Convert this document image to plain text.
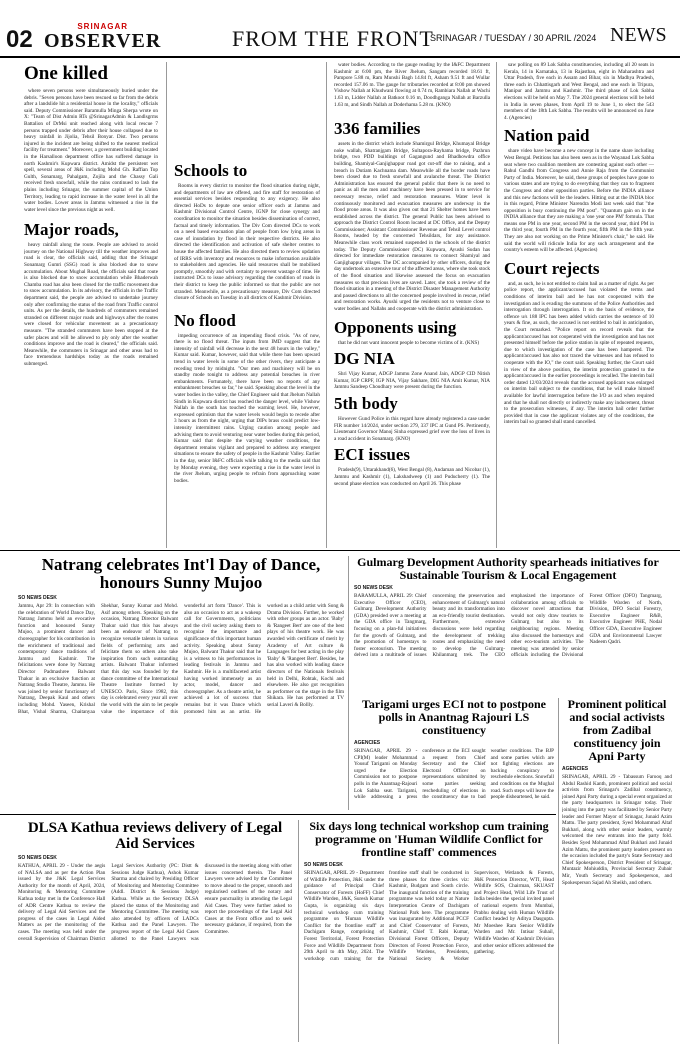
02	SRINAGAR
OBSERVER	FROM THE FRONT
SRINAGAR / TUESDAY / 30 APRIL /2024 NEWS
One killed

where seven persons were simultaneously buried under the debris. "Seven persons have been rescued so far from the debris after a landslide hit a residential house in the locality," officials said. Deputy Commissioner Baramulla Minga Sherpa wrote on X: "Team of Dist Admin RTs @SrinagarAdmin & Landlsgrms Battalion of DrMsi unit reached along with local rescue 7 persons trapped under debris after their house collapsed due to heavy rainfall in Jijolia, Tehsil Bonyar. Dist. Two persons injured in the incident are being shifted to the nearest medical facility for treatment." Moreover, a government building located in the Harsalloon department office has suffered damage in north Kashmir's Kupwara district. Amidst the persistent wet spell, several areas of J&K including Mohd Gh. Raffian Top Gulth, Sonamarg, Pahalgam, Zojila and the Chassy Gali received fresh snowfall, while the rains continued to lash the plains including Srinagar, the summer capital of the Union Territory, leading to rapid increase in the water level in all the water bodies. Lower areas in Jammu witnessed a rise in the water level since the previous night as well.

Major roads,

heavy rainfall along the route. People are advised to avoid journey on the National Highway till the weather improves and road is clear, the officials said, adding that the Srinagar Sonamarg Gumri (SSG) road is also blocked due to snow accumulation. About Mughal Road, the officials said that route is also blocked due to snow accumulation while Bhaderwah Chamba road has also been closed for the traffic movement due to snow accumulation. In its advisory, the officials in the Traffic department said, the people are advised to undertake journey only after confirming the status of the road from Traffic control units. As per the details, the hundreds of commuters remained stranded on different major roads and highways after the routes were closed for vehicular movement as a precautionary measure. "The stranded commuters have been stopped at the safer places and will be allowed to ply only after the weather conditions improve and the road is cleared," the officials said. Meanwhile, the commuters in Srinagar and other areas had to face tremendous hardships today as the roads remained submerged.

Schools to

Rooms in every district to monitor the flood situation during night, and departments of law are offered, and fire staff for restoration of essential services besides responding to any exigency. He also directed HoDs to depute one senior officer each at Jammu and Kashmir Divisional Control Centre, IGNP for close synergy and coordination to monitor the situation besides dissemination of correct, factual and timely information. The Div Com directed DCs to work on a need based evacuation plan of people from low lying areas in case of inundation by flood in their respective districts. He also directed the identification and activation of safe shelter centres to house the affected families. He also directed them to review updation of IRRS with inventory and resources to make information available to stakeholders and agencies. He said resources shall be mobilised promptly, smoothly and with certainty to prevent wastage of time. He instructed DCs to issue advisory regarding the condition of roads in their district to keep the public informed so that the public are not stranded. Meanwhile, as a precautionary measure, Div Com directed closure of Schools on Tuesday in all districts of Kashmir Division.

No flood

impeding occurrence of an impending flood crisis. "As of now, there is no flood threat. The inputs from IMD suggest that the intensity of rainfall will decrease in the next 48 hours in the valley," Kumar said. Kumar, however, said that while there has been upward trend in water levels in some of the other rivers, they anticipate a receding trend by midnight. "Our men and machinery will be on standby mode tonight to address any potential breaches in river embankments. Fortunately, there have been no reports of any embankment breaches so far," he said. Speaking about the level in the water bodies in the valley, the Chief Engineer said that Jhelum Nallah Sindh in Kupwara district has reached the danger level, while Vishow Nallah in the south has touched the warning level. He, however, expressed optimism that the water levels would begin to recede after 3 hours as from the night, urging that DIPs brass could predict low-intensity intermittent rains. Urging caution among people and advising them to avoid venturing near water bodies during this period, Kumar said that despite the varying weather conditions, the department remains vigilant and prepared to address any emergent situations to ensure the safety of people in the Kashmir Valley. Earlier in the day, senior I&FC officials while talking to the media said that by Monday evening, they were expecting a rise in the water level in the river Jhelum, urging people to refrain from approaching water bodies.

water bodies. According to the gauge reading by the I&FC Department Kashmir at 6:00 pm, the River Jhelum, Sangam recorded 18.61 ft, Pampore 5.88 m, Ram Munshi Bagh 14.84 ft, Asham 9.51 ft and Wullar recorded 157.06 m. The gauge for tributaries recorded at 8:00 pm showed Vishow Nallah at Khudwani flowing at 0.74 m, Rambiara Nallah at Wachi 1.63 m, Lidder Nallah at Batkoot 0.16 m, Doodhganga Nallah at Barzulla 1.63 m, and Sindh Nallah at Doderhama 5.28 m. (KNO)

336 families

assets in the district which include Shamirgul Bridge, Khumayal Bridge noke wallah, Shatranjgam Bridge, Sultapora-Rayhama bridge, Pazhrun bridge, two PDD buildings of Gagangund and Bhadhowdra office building, Shamiyal-Ganjighappur road got cut-off due to raising, and a breach in Dutiam Kachnama dam. Meanwhile all the border roads have been closed due to fresh snowfall and avalanche threat. The District Administration has ensured the general public that there is no need to panic as all the men and machinery have been pressed in to service for necessary rescue, relief and restoration measures. Water level is continuously monitored and evacuation measures are underway in the flood prone areas. It was also given out that 21 Shelter homes have been established across the district. The general Public has been advised to approach the District Control Room located at DC Office, and the Deputy Commissioner; Assistant Commissioner Revenue and Tehsil Level control Rooms, headed by the concerned Tehsildars, for any assistance. Meanwhile class work remained suspended in the schools of the district today. The Deputy Commissioner (DC) Kupwara, Ayushi Sudan has directed for immediate restoration measures to connect Shamiyal and Ganjighappur villages. The DC accompanied by other officers, during the day undertook an extensive tour of the affected areas, where she took stock of the flood situation and likewise assessed the focus on evacuation measures so that precious lives are saved. Later, she took a review of the flood situation in a meeting of the District Disaster Management Authority and passed directions to all the concerned people involved in rescue, relief and restoration works. Ayushi urged the residents not to venture close to water bodies and Nallahs and cooperate with the district administration.

Opponents using

that he did not want innocent people to become victims of it. (KNS)

DG NIA

Shri Vijay Kumar, ADGP Jammu Zone Anand Jain, ADGP CID Nitish Kumar, IGP CRPF, IGP NIA, Vijay Sakhare, DIG NIA Amit Kumar, NIA Jammu Sandeep Choudhary were present during the function.

5th body

However Gund Police in this regard have already registered a case under FIR number 14/2024, under section 279, 337 IPC at Gund PS. Pertinently, Lieutenant Governor Manoj Sinha expressed grief over the loss of lives in a road accident in Sonamarg. (KNO)

ECI issues

Pradesh(9), Uttarakhand(6), West Bengal (8), Andaman and Nicobar (1), Jammu and Kashmir (1), Lakshadweep (1) and Puducherry (1). The second phase election was conducted on April 26. This phase

saw polling on 89 Lok Sabha constituencies, including all 20 seats in Kerala, 14 in Karnataka, 13 in Rajasthan, eight in Maharashtra and Uttar Pradesh, five each in Assam and Bihar, six in Madhya Pradesh, three each in Chhattisgarh and West Bengal, and one each in Tripura, Manipur and Jammu and Kashmir. The third phase of Lok Sabha elections will be held on May 7. The 2024 general elections will be held in India in seven phases, from April 19 to June 1, to elect the 543 members of the 18th Lok Sabha. The results will be announced on June 4. (Agencies)

Nation paid

share video have become a new concept in the name share including West Bengal. Petitions has also been seen as in the Wayanad Lok Sabha seat where two coalition members are contesting against each other — Rahul Gandhi from Congress and Annie Raja from the Communist Party of India. Moreover, he said, these groups of peoples have gone to various states and are trying to do everything that they can to fragment the Congress and other opposition parties. Before the INDIA alliance and this new factions will be the leaders. Hitting out at the INDIA bloc in this regard, Prime Minister Narendra Modi last week said that "the opposition is busy continuing the PM post". "Quantum gain on in the INDIA alliance that they are making a 'one year one PM' formula. That means one PM in one year, second PM in the second year, third PM in the third year, fourth PM in the fourth year, fifth PM in the fifth year. They are also not working on the Prime Minister's chair," he said. He said the world will ridicule India for any such arrangement and the country's esteem will be affected. (Agencies)

Court rejects

and, as such, he is not entitled to claim bail as a matter of right. As per police report, the applicant/accused has violated the terms and conditions of interim bail and he has not cooperated with the investigation and is evading the summons of the Police Authorities and interrogation through interrogation. It on the basis of evidence, the offence u/s 188 IPC has been added which carries the sentence of 10 years & fine, as such, the accused is not entitled to bail in anticipation, the Court remarked. "Police report on record reveals that the applicant/accused has not cooperated with the investigation and has not presented himself before the police station in spite of repeated requests, due to which investigation of the case has been hampered. The applicant/accused has also not traced the witnesses and has refused to cooperate with the IO," the court said. Speaking further, the Court said in view of the above position, the interim protection granted to the applicant/accused in the earlier proceedings is recalled. The interim bail order dated 12/03/2024 reveals that the accused applicant was enlarged on interim bail subject to the conditions, that he will make himself available for lawful interrogation before the I/O as and when required and that he shall not directly or indirectly make any inducement, threat to the prosecution witnesses, if any. The interim bail order further provided that in case the applicant violates any of the conditions, the interim bail so granted shall stand cancelled.

Natrang celebrates Int'l Day of Dance, honours Sunny Mujoo
SO NEWS DESK
Jammu, Apr 29: In connection with the celebration of World Dance Day, Natrang Jammu held an evocative function and honoured Sunny Mujoo, a prominent dancer and choreographer for his contribution in the enrichment of traditional and contemporary dance traditions of Jammu and Kashmir. The felicitations were done by Natrang Director Padmashree Balwant Thakur in an exclusive function at Natrang Studio Theatre, Jammu. He was joined by senior functionary of Natrang, Deepak Kaul and others including Mohd. Yaseen, Krishal Bhat, Vishal Sharma, Chaitanyaa Shekhar, Sunny Kumar and Mohd. Asif among others. Speaking on the occasion, Natrang Director Balwant Thakur said that this has always been an endeavor of Natrang to recognize versatile talents in various fields of performing arts and felicitate them so others also take inspiration from such outstanding artists. Balwant Thakur informed that this day was founded by the dance committee of the International Theatre Institute formed by UNESCO. Paris, Since 1982, this day is celebrated every year all over the world with the aim to let people value the importance of this wonderful art form 'Dance'. This is also an occasion to act as a wakeup call for Governments, politicians and the civil society asking them to recognize the importance and significance of this important human activity. Speaking about Sunny Mujoo, Balwant Thakur said that he is a witness to his performances in leading festivals in Jammu and Kashmir. He is a multifaceted artist having worked immensely as an actor, model, dancer and choreographer. As a theatre artist, he achieved a lot of success that remains but it was Dance which promoted him as an artist. He worked as a child artist with Song & Drama Division. Further, he worked with other groups as an actor. 'Baby' & 'Rangeet Bert' are one of the best plays of his theatre work. He was awarded with certificate of merit by Academy of Art culture & Languages for best acting in the play 'Baby' & 'Rangeet Bert'. Besides, he has also worked with leading dance directors of the Nationals festivals held in Delhi, Rohtak, Kochi and elsewhere. He also got recognition as performer on the stage in the film Shikara. He has performed at TV serial Laveri & Bollly.
Gulmarg Development Authority spearheads initiatives for Sustainable Tourism & Local Engagement
SO NEWS DESK
BARAMULLA, APRIL 29: Chief Executive Officer (CEO), Gulmarg Development Authority (GDA) presided over a meeting at the GDA office in Tangmarg, focusing on a plan-ful initiatives for the growth of Gulmarg, and the promotion of homestays to foster ecotourism. The meeting delved into a multitude of issues concerning the preservation and enhancement of Gulmarg's natural beauty and its transformation into an eco-friendly tourist destination. Furthermore, extensive discussions were held regarding the development of trekking routes and emphasizing the need to develop the Gulmarg-Khilanmarg trek. The CEO emphasized the importance of collaboration among officials to discover novel attractions that would not only draw tourists to Gulmarg but also to its neighbouring regions. Meeting also discussed the homestays and other eco-tourism activities. The meeting was attended by senior officials including the Divisional Forest Officer (DFO) Tangmarg, Wildlife Warden of North, Division, DFO Social Forestry, Executive Engineer R&B, Executive Engineer PHE, Nodal Officer GDA, Executive Engineer GDA and Environmental Lawyer Nadeem Qadri.
Tarigami urges ECI not to postpone polls in Anantnag Rajouri LS constituency
AGENCIES
SRINAGAR, APRIL 29 - CPI(M) leader Mohammad Yousuf Tarigami on Monday urged the Election Commission not to postpone polls in the Anantnag-Rajouri Lok Sabha seat. Tarigami, while addressing a press conference at the ECI sought a request from Chief Secretary and the Chief Electoral Officer on representations submitted by some parties seeking rescheduling of elections in the constituency due to bad weather conditions. The BJP and some parties which are not fighting elections are backing conspiracy to reschedule elections. Snowfall and conditions on the Mughal road. Such steps will leave the people disheartened, he said.
Prominent political and social activists from Zadibal constituency join Apni Party
AGENCIES
SRINAGAR, APRIL 29 - Tabassum Farooq and Abdul Rashid Kanth, prominent political and social activists from Srinagar's Zadibal constituency, joined Apni Party during a special event organized at the party headquarters in Srinagar today. Their joining into the party was facilitated by Senior Party leader and Former Mayor of Srinagar, Junaid Azim Mattu. The party president, Syed Mohammad Altaf Bukhari, along with other senior leaders, warmly welcomed the new entrants into the party fold. Besides Syed Mohammad Altaf Bukhari and Junaid Azim Mattu, the prominent party leaders present on the occasion included the party's State Secretary and Chief Spokesperson, District President of Srinagar, Muntazir Mohiuddin, Provincial Secretary Zubair Mir, Youth Secretary and Spokesperson, and Spokesperson Sajad Ah Sheikh, and others.
DLSA Kathua reviews delivery of Legal Aid Services
SO NEWS DESK
KATHUA, APRIL 29 - Under the aegis of NALSA and as per the Action Plan issued by the J&K Legal Services Authority for the month of April, 2024, Monitoring & Mentoring Committee Kathua today met in the Conference Hall of ADR Centre Kathua to review the delivery of Legal Aid Services and the progress of the cases in Legal Aided Matters as per the monitoring of the cases. The meeting was held under the overall Supervision of Chairman District Legal Services Authority (PC: Distt & Sessions Judge Kathua), Ashok Kumar Sharma and chaired by Presiding Officer of Monitoring and Mentoring Committee (Addl. District & Sessions Judge) Kathua. While as the Secretary DLSA placed the status of the Monitoring and Mentoring Committee. The meeting was also attended by officers of LADCs Kathua and the Panel Lawyers. The progress report of the Legal Aid Cases allotted to the Panel Lawyers was discussed in the meeting along with other issues concerned therein. The Panel Lawyers were advised by the Committee to move ahead to the proper, smooth and regularised outlines of the notary and ensure punctuality in attending the Legal Aid Cases. They were further asked to report the proceedings of the Legal Aid Cases at the Front office and to seek necessary guidance, if required, from the Committee.
Six days long technical workshop cum training programme on 'Human Wildlife Conflict for frontline staff' commences
SO NEWS DESK
SRINAGAR, APRIL 29 - Department of Wildlife Protection, J&K under the guidance of Principal Chief Conservator of Forests (HoFF) Chief Wildlife Warden, J&K, Suresh Kumar Gupta, is organizing six days technical workshop cum training programme on 'Human Wildlife Conflict for the frontline staff' at Dachigam Range, comprising of Forest Territorial, Forest Protection Force and Wildlife Department from 29th April to 4th May, 2024. The workshop cum training for the frontline staff shall be conducted in three phases for three circles viz: Kashmir, Budgam and South circle. The inaugural function of the training programme was held today at Nature Interpretation Centre of Dachigam National Park here. The programme was inaugurated by Additional PCCF and Chief Conservator of Forests, Kashmir, Chief T. Rabi Kumar, Divisional Forest Officers, Deputy Directors of Forest Protection Force, Wildlife Wardens, Presidents, National Society & Worker Supervisors, Wetlands & Forests, J&K Protection Director, WTI, Head Wildlife SOS, Chairman, SKUAST and Project Head, Wild Life Trust of India besides the special invited panel of national experts from Mumbai, Prabhu dealing with Human Wildlife Conflict headed by Aditya Dasgupta. Mr Moeshee Ram Senior Wildlife Warden and Mr. Intisar Suhail, Wildlife Warden of Kashmir Division and other senior officers addressed the gathering.
